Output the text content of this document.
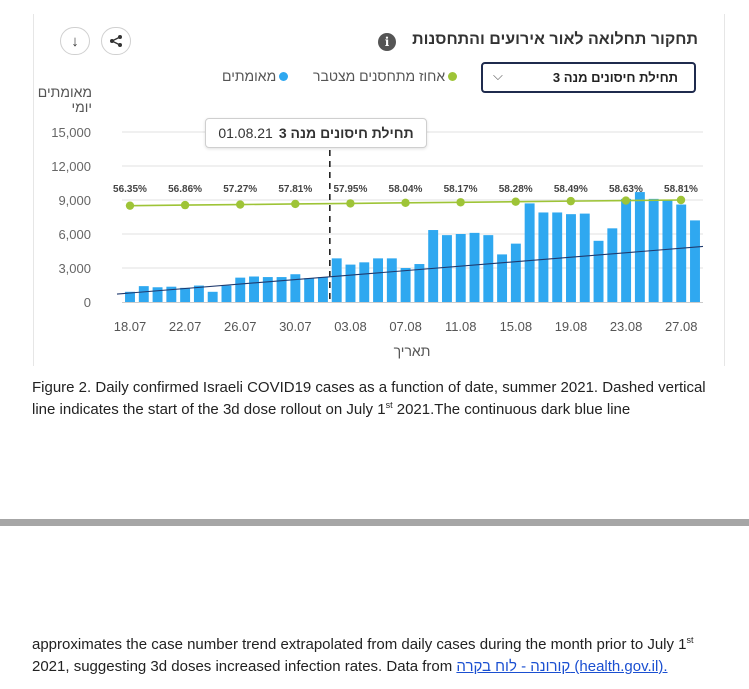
↓	i	תחקור תחלואה לאור אירועים והתחסנות
תחילת חיסונים מנה 3
⌵
אחוז מתחסנים מצטבר
מאומתים
מאומתים יומי
15,000
12,000
9,000
6,000
3,000
0
18.07 22.07 26.07 30.07 03.08 07.08 11.08 15.08 19.08 23.08 27.08
תאריך
56.35% 56.86% 57.27% 57.81% 57.95% 58.04% 58.17% 58.28% 58.49% 58.63% 58.81%
01.08.21 תחילת חיסונים מנה 3
Figure 2. Daily confirmed Israeli COVID19 cases as a function of date, summer 2021. Dashed vertical line indicates the start of the 3d dose rollout on July 1st 2021.The continuous dark blue line
approximates the case number trend extrapolated from daily cases during the month prior to July 1st 2021, suggesting 3d doses increased infection rates. Data from קורונה - לוח בקרה (health.gov.il).
